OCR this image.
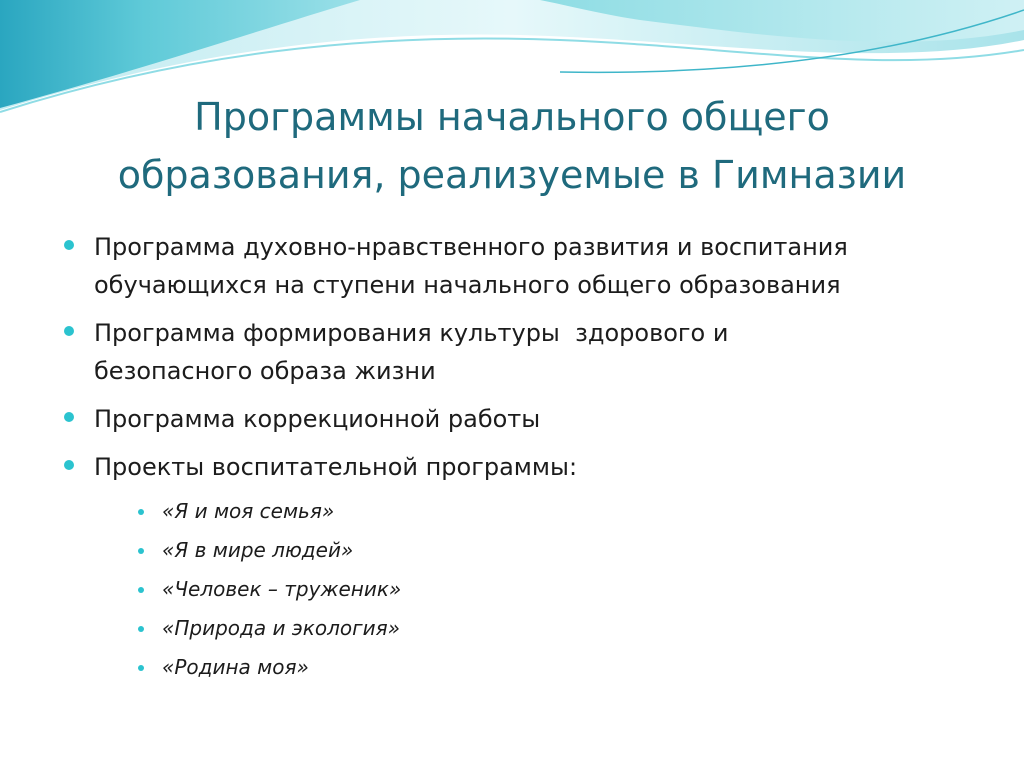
Программы начального общего
образования, реализуемые в Гимназии
Программа духовно-нравственного развития и воспитания
обучающихся на ступени начального общего образования
Программа формирования культуры  здорового и
безопасного образа жизни
Программа коррекционной работы
Проекты воспитательной программы:
«Я и моя семья»
«Я в мире людей»
«Человек – труженик»
«Природа и экология»
«Родина моя»
